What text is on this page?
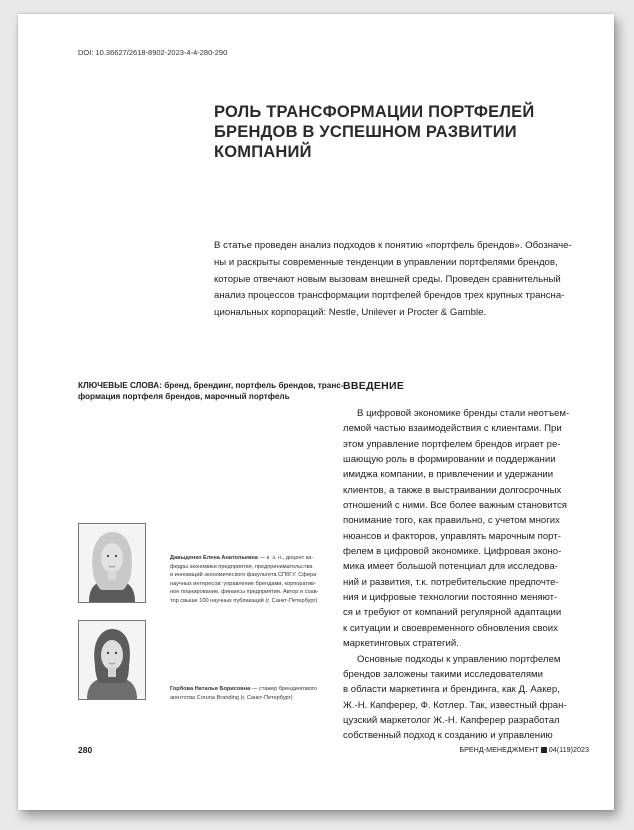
DOI: 10.36627/2618-8902-2023-4-4-280-290
РОЛЬ ТРАНСФОРМАЦИИ ПОРТФЕЛЕЙ
БРЕНДОВ В УСПЕШНОМ РАЗВИТИИ
КОМПАНИЙ
В статье проведен анализ подходов к понятию «портфель брендов». Обозначе-
ны и раскрыты современные тенденции в управлении портфелями брендов,
которые отвечают новым вызовам внешней среды. Проведен сравнительный
анализ процессов трансформации портфелей брендов трех крупных трансна-
циональных корпораций: Nestle, Unilever и Procter & Gamble.
КЛЮЧЕВЫЕ СЛОВА: бренд, брендинг, портфель брендов, транс-
формация портфеля брендов, марочный портфель
ВВЕДЕНИЕ
В цифровой экономике бренды стали неотъем-
лемой частью взаимодействия с клиентами. При
этом управление портфелем брендов играет ре-
шающую роль в формировании и поддержании
имиджа компании, в привлечении и удержании
клиентов, а также в выстраивании долгосрочных
отношений с ними. Все более важным становится
понимание того, как правильно, с учетом многих
нюансов и факторов, управлять марочным порт-
фелем в цифровой экономике. Цифровая эконо-
мика имеет большой потенциал для исследова-
ний и развития, т.к. потребительские предпочте-
ния и цифровые технологии постоянно меняют-
ся и требуют от компаний регулярной адаптации
к ситуации и своевременного обновления своих
маркетинговых стратегий.
Основные подходы к управлению портфелем
брендов заложены такими исследователями
в области маркетинга и брендинга, как Д. Аакер,
Ж.-Н. Капферер, Ф. Котлер. Так, известный фран-
цузский маркетолог Ж.-Н. Капферер разработал
собственный подход к созданию и управлению
Давыденко Елена Анатольевна — к. э. н., доцент ка-
федры экономики предприятия, предпринимательства
и инноваций экономического факультета СПбГУ. Сфера
научных интересов: управление брендами, корпоратив-
ное планирование, финансы предприятия. Автор и соав-
тор свыше 100 научных публикаций (г. Санкт-Петербург)
Горбова Наталья Борисовна — стажер брендингового
агентства Coruna Branding (г. Санкт-Петербург)
280	БРЕНД-МЕНЕДЖМЕНТ 04(119)2023
